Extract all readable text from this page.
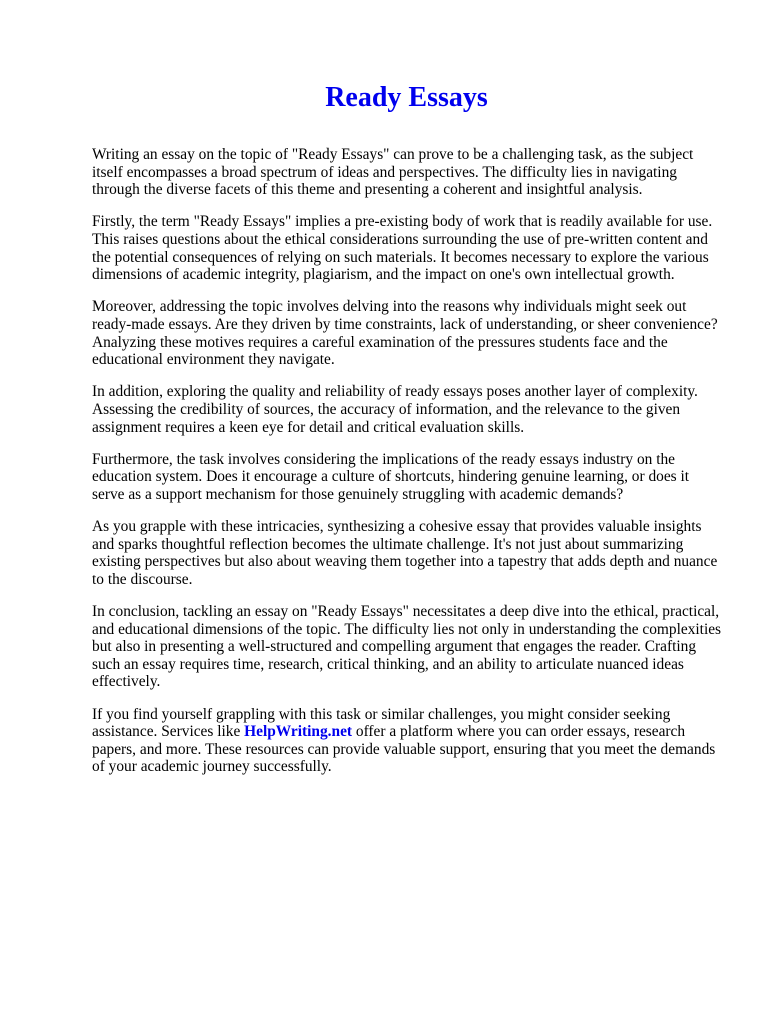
Ready Essays

Writing an essay on the topic of "Ready Essays" can prove to be a challenging task, as the subject itself encompasses a broad spectrum of ideas and perspectives. The difficulty lies in navigating through the diverse facets of this theme and presenting a coherent and insightful analysis.

Firstly, the term "Ready Essays" implies a pre-existing body of work that is readily available for use. This raises questions about the ethical considerations surrounding the use of pre-written content and the potential consequences of relying on such materials. It becomes necessary to explore the various dimensions of academic integrity, plagiarism, and the impact on one's own intellectual growth.

Moreover, addressing the topic involves delving into the reasons why individuals might seek out ready-made essays. Are they driven by time constraints, lack of understanding, or sheer convenience? Analyzing these motives requires a careful examination of the pressures students face and the educational environment they navigate.

In addition, exploring the quality and reliability of ready essays poses another layer of complexity. Assessing the credibility of sources, the accuracy of information, and the relevance to the given assignment requires a keen eye for detail and critical evaluation skills.

Furthermore, the task involves considering the implications of the ready essays industry on the education system. Does it encourage a culture of shortcuts, hindering genuine learning, or does it serve as a support mechanism for those genuinely struggling with academic demands?

As you grapple with these intricacies, synthesizing a cohesive essay that provides valuable insights and sparks thoughtful reflection becomes the ultimate challenge. It's not just about summarizing existing perspectives but also about weaving them together into a tapestry that adds depth and nuance to the discourse.

In conclusion, tackling an essay on "Ready Essays" necessitates a deep dive into the ethical, practical, and educational dimensions of the topic. The difficulty lies not only in understanding the complexities but also in presenting a well-structured and compelling argument that engages the reader. Crafting such an essay requires time, research, critical thinking, and an ability to articulate nuanced ideas effectively.

If you find yourself grappling with this task or similar challenges, you might consider seeking assistance. Services like HelpWriting.net offer a platform where you can order essays, research papers, and more. These resources can provide valuable support, ensuring that you meet the demands of your academic journey successfully.
